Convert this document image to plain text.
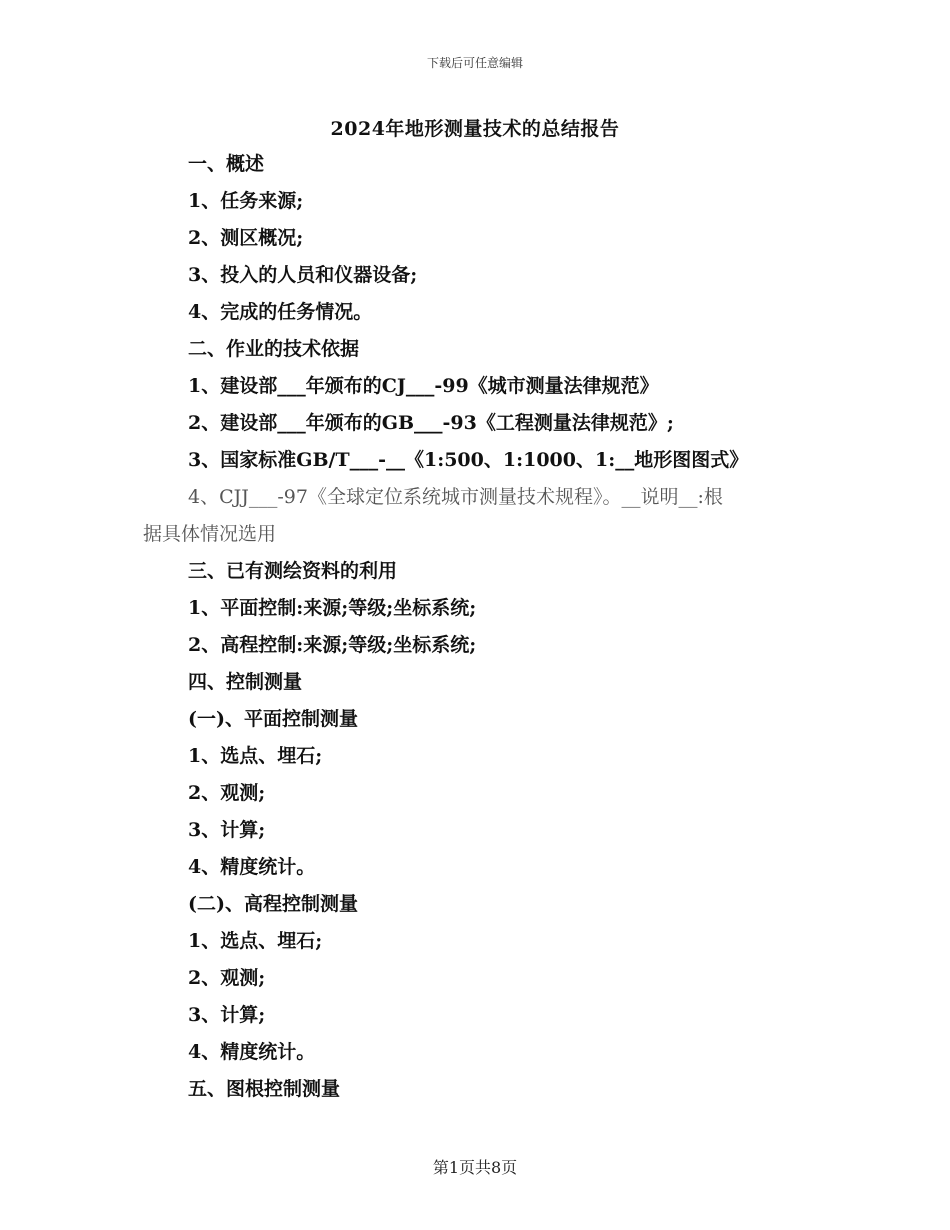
下载后可任意编辑
2024年地形测量技术的总结报告
一、概述
1、任务来源;
2、测区概况;
3、投入的人员和仪器设备;
4、完成的任务情况。
二、作业的技术依据
1、建设部___年颁布的CJ___-99《城市测量法律规范》
2、建设部___年颁布的GB___-93《工程测量法律规范》;
3、国家标准GB/T___-__《1:500、1:1000、1:__地形图图式》
4、CJJ___-97《全球定位系统城市测量技术规程》。__说明__:根
据具体情况选用
三、已有测绘资料的利用
1、平面控制:来源;等级;坐标系统;
2、高程控制:来源;等级;坐标系统;
四、控制测量
(一)、平面控制测量
1、选点、埋石;
2、观测;
3、计算;
4、精度统计。
(二)、高程控制测量
1、选点、埋石;
2、观测;
3、计算;
4、精度统计。
五、图根控制测量
第1页共8页
